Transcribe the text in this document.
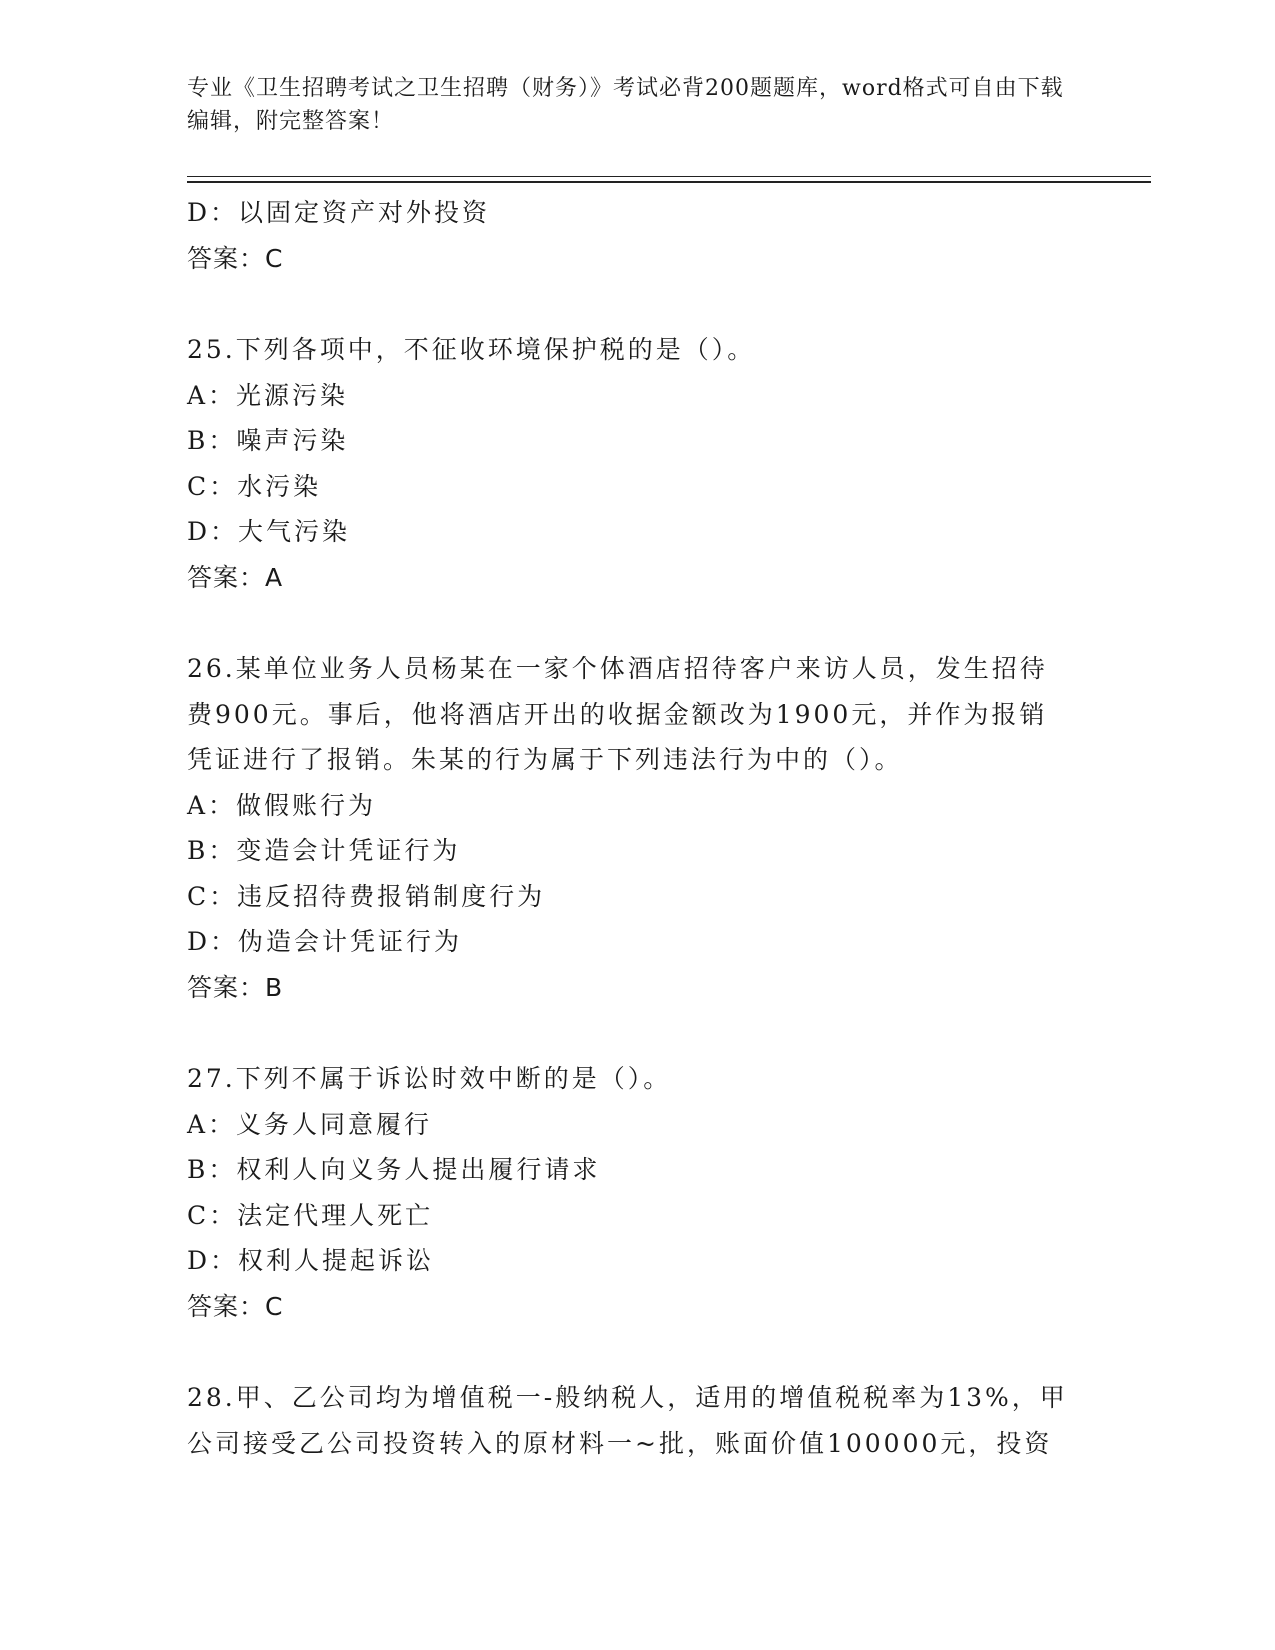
专业《卫生招聘考试之卫生招聘（财务）》考试必背200题题库，word格式可自由下载编辑，附完整答案！
D：以固定资产对外投资
答案：C
25.下列各项中，不征收环境保护税的是（）。
A：光源污染
B：噪声污染
C：水污染
D：大气污染
答案：A
26.某单位业务人员杨某在一家个体酒店招待客户来访人员，发生招待
费900元。事后，他将酒店开出的收据金额改为1900元，并作为报销
凭证进行了报销。朱某的行为属于下列违法行为中的（）。
A：做假账行为
B：变造会计凭证行为
C：违反招待费报销制度行为
D：伪造会计凭证行为
答案：B
27.下列不属于诉讼时效中断的是（）。
A：义务人同意履行
B：权利人向义务人提出履行请求
C：法定代理人死亡
D：权利人提起诉讼
答案：C
28.甲、乙公司均为增值税一-般纳税人，适用的增值税税率为13%，甲
公司接受乙公司投资转入的原材料一~批，账面价值100000元，投资
